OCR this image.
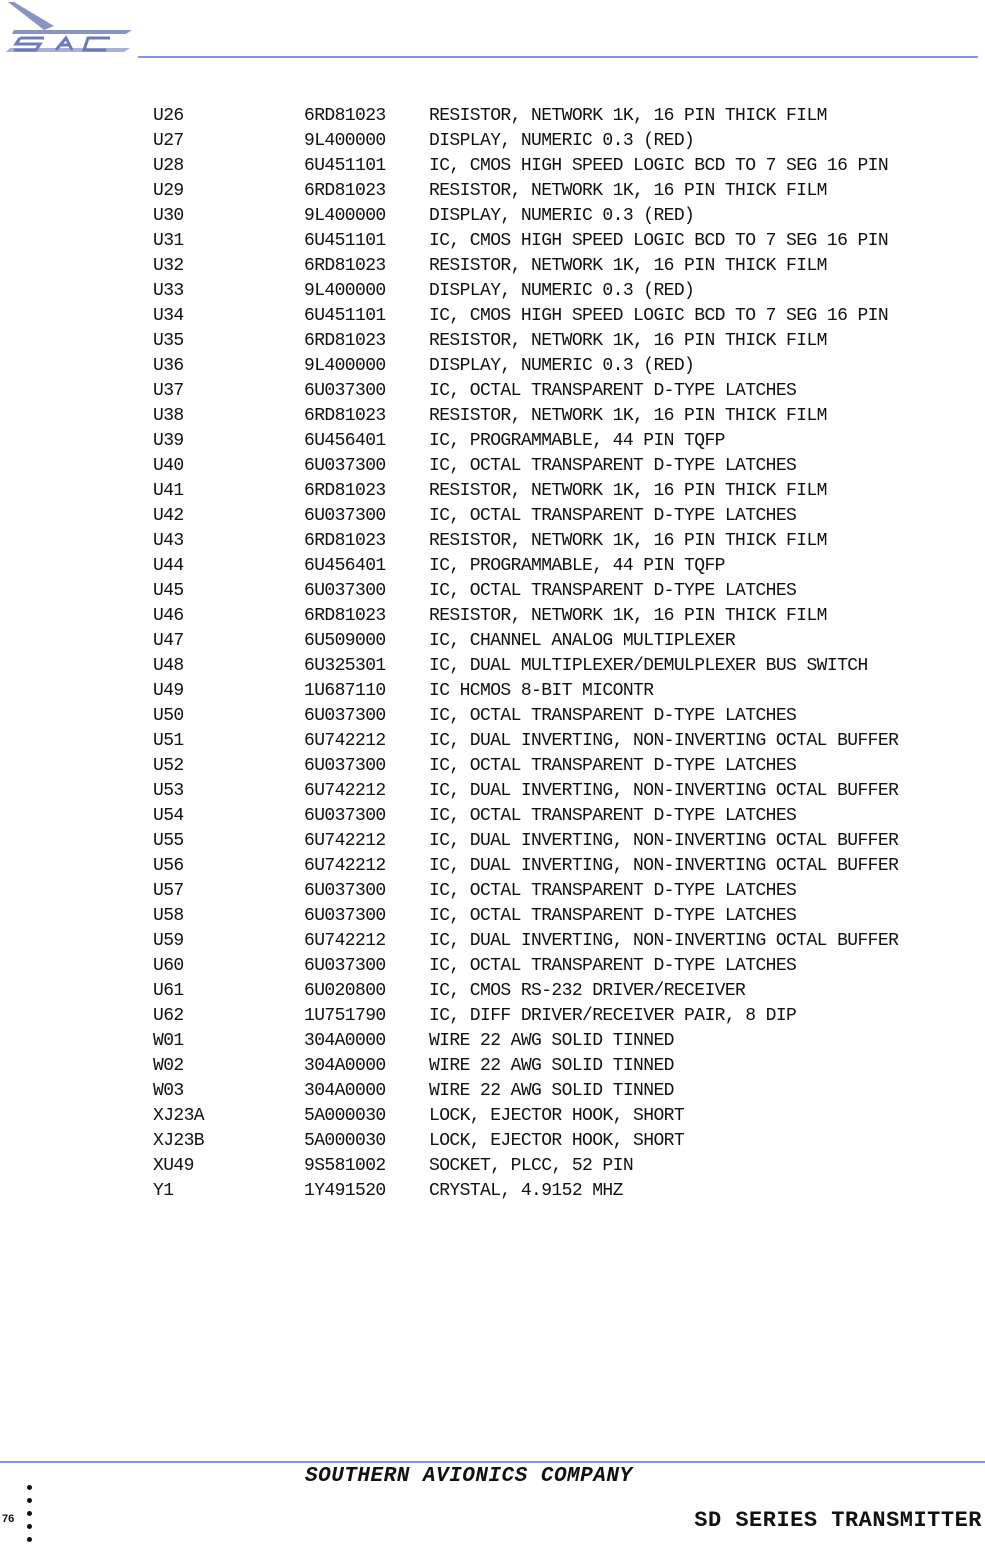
U26	6RD81023 RESISTOR, NETWORK 1K, 16 PIN THICK FILM
U27	9L400000 DISPLAY, NUMERIC 0.3 (RED)
U28	6U451101 IC, CMOS HIGH SPEED LOGIC BCD TO 7 SEG 16 PIN
U29	6RD81023 RESISTOR, NETWORK 1K, 16 PIN THICK FILM
U30	9L400000 DISPLAY, NUMERIC 0.3 (RED)
U31	6U451101 IC, CMOS HIGH SPEED LOGIC BCD TO 7 SEG 16 PIN
U32	6RD81023 RESISTOR, NETWORK 1K, 16 PIN THICK FILM
U33	9L400000 DISPLAY, NUMERIC 0.3 (RED)
U34	6U451101 IC, CMOS HIGH SPEED LOGIC BCD TO 7 SEG 16 PIN
U35	6RD81023 RESISTOR, NETWORK 1K, 16 PIN THICK FILM
U36	9L400000 DISPLAY, NUMERIC 0.3 (RED)
U37	6U037300 IC, OCTAL TRANSPARENT D-TYPE LATCHES
U38	6RD81023 RESISTOR, NETWORK 1K, 16 PIN THICK FILM
U39	6U456401 IC, PROGRAMMABLE, 44 PIN TQFP
U40	6U037300 IC, OCTAL TRANSPARENT D-TYPE LATCHES
U41	6RD81023 RESISTOR, NETWORK 1K, 16 PIN THICK FILM
U42	6U037300 IC, OCTAL TRANSPARENT D-TYPE LATCHES
U43	6RD81023 RESISTOR, NETWORK 1K, 16 PIN THICK FILM
U44	6U456401 IC, PROGRAMMABLE, 44 PIN TQFP
U45	6U037300 IC, OCTAL TRANSPARENT D-TYPE LATCHES
U46	6RD81023 RESISTOR, NETWORK 1K, 16 PIN THICK FILM
U47	6U509000 IC, CHANNEL ANALOG MULTIPLEXER
U48	6U325301 IC, DUAL MULTIPLEXER/DEMULPLEXER BUS SWITCH
U49	1U687110 IC HCMOS 8-BIT MICONTR
U50	6U037300 IC, OCTAL TRANSPARENT D-TYPE LATCHES
U51	6U742212 IC, DUAL INVERTING, NON-INVERTING OCTAL BUFFER
U52	6U037300 IC, OCTAL TRANSPARENT D-TYPE LATCHES
U53	6U742212 IC, DUAL INVERTING, NON-INVERTING OCTAL BUFFER
U54	6U037300 IC, OCTAL TRANSPARENT D-TYPE LATCHES
U55	6U742212 IC, DUAL INVERTING, NON-INVERTING OCTAL BUFFER
U56	6U742212 IC, DUAL INVERTING, NON-INVERTING OCTAL BUFFER
U57	6U037300 IC, OCTAL TRANSPARENT D-TYPE LATCHES
U58	6U037300 IC, OCTAL TRANSPARENT D-TYPE LATCHES
U59	6U742212 IC, DUAL INVERTING, NON-INVERTING OCTAL BUFFER
U60	6U037300 IC, OCTAL TRANSPARENT D-TYPE LATCHES
U61	6U020800 IC, CMOS RS-232 DRIVER/RECEIVER
U62	1U751790 IC, DIFF DRIVER/RECEIVER PAIR, 8 DIP
W01	304A0000 WIRE 22 AWG SOLID TINNED
W02	304A0000 WIRE 22 AWG SOLID TINNED
W03	304A0000 WIRE 22 AWG SOLID TINNED
XJ23A	5A000030 LOCK, EJECTOR HOOK, SHORT
XJ23B	5A000030 LOCK, EJECTOR HOOK, SHORT
XU49	9S581002 SOCKET, PLCC, 52 PIN
Y1	1Y491520 CRYSTAL, 4.9152 MHZ
SOUTHERN AVIONICS COMPANY
SD SERIES TRANSMITTER
76
